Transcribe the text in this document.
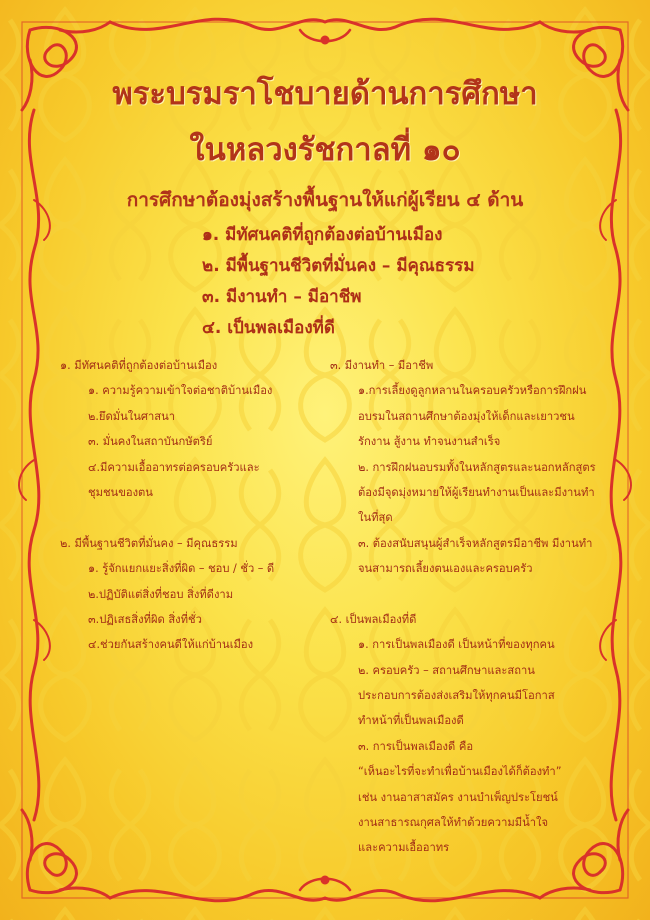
พระบรมราโชบายด้านการศึกษา
ในหลวงรัชกาลที่ ๑๐
การศึกษาต้องมุ่งสร้างพื้นฐานให้แก่ผู้เรียน ๔ ด้าน
๑. มีทัศนคติที่ถูกต้องต่อบ้านเมือง
๒. มีพื้นฐานชีวิตที่มั่นคง – มีคุณธรรม
๓. มีงานทำ – มีอาชีพ
๔. เป็นพลเมืองที่ดี
๑. มีทัศนคติที่ถูกต้องต่อบ้านเมือง
๑. ความรู้ความเข้าใจต่อชาติบ้านเมือง
๒.ยึดมั่นในศาสนา
๓. มั่นคงในสถาบันกษัตริย์
๔.มีความเอื้ออาทรต่อครอบครัวและ
ชุมชนของตน
๒. มีพื้นฐานชีวิตที่มั่นคง – มีคุณธรรม
๑. รู้จักแยกแยะสิ่งที่ผิด – ชอบ / ชั่ว – ดี
๒.ปฏิบัติแต่สิ่งที่ชอบ สิ่งที่ดีงาม
๓.ปฏิเสธสิ่งที่ผิด สิ่งที่ชั่ว
๔.ช่วยกันสร้างคนดีให้แก่บ้านเมือง
๓. มีงานทำ – มีอาชีพ
๑.การเลี้ยงดูลูกหลานในครอบครัวหรือการฝึกฝน
อบรมในสถานศึกษาต้องมุ่งให้เด็กและเยาวชน
รักงาน สู้งาน ทำจนงานสำเร็จ
๒. การฝึกฝนอบรมทั้งในหลักสูตรและนอกหลักสูตร
ต้องมีจุดมุ่งหมายให้ผู้เรียนทำงานเป็นและมีงานทำ
ในที่สุด
๓. ต้องสนับสนุนผู้สำเร็จหลักสูตรมีอาชีพ มีงานทำ
จนสามารถเลี้ยงตนเองและครอบครัว
๔. เป็นพลเมืองที่ดี
๑. การเป็นพลเมืองดี เป็นหน้าที่ของทุกคน
๒. ครอบครัว – สถานศึกษาและสถาน
ประกอบการต้องส่งเสริมให้ทุกคนมีโอกาส
ทำหน้าที่เป็นพลเมืองดี
๓. การเป็นพลเมืองดี คือ
“เห็นอะไรที่จะทำเพื่อบ้านเมืองได้ก็ต้องทำ”
เช่น งานอาสาสมัคร งานบำเพ็ญประโยชน์
งานสาธารณกุศลให้ทำด้วยความมีน้ำใจ
และความเอื้ออาทร
